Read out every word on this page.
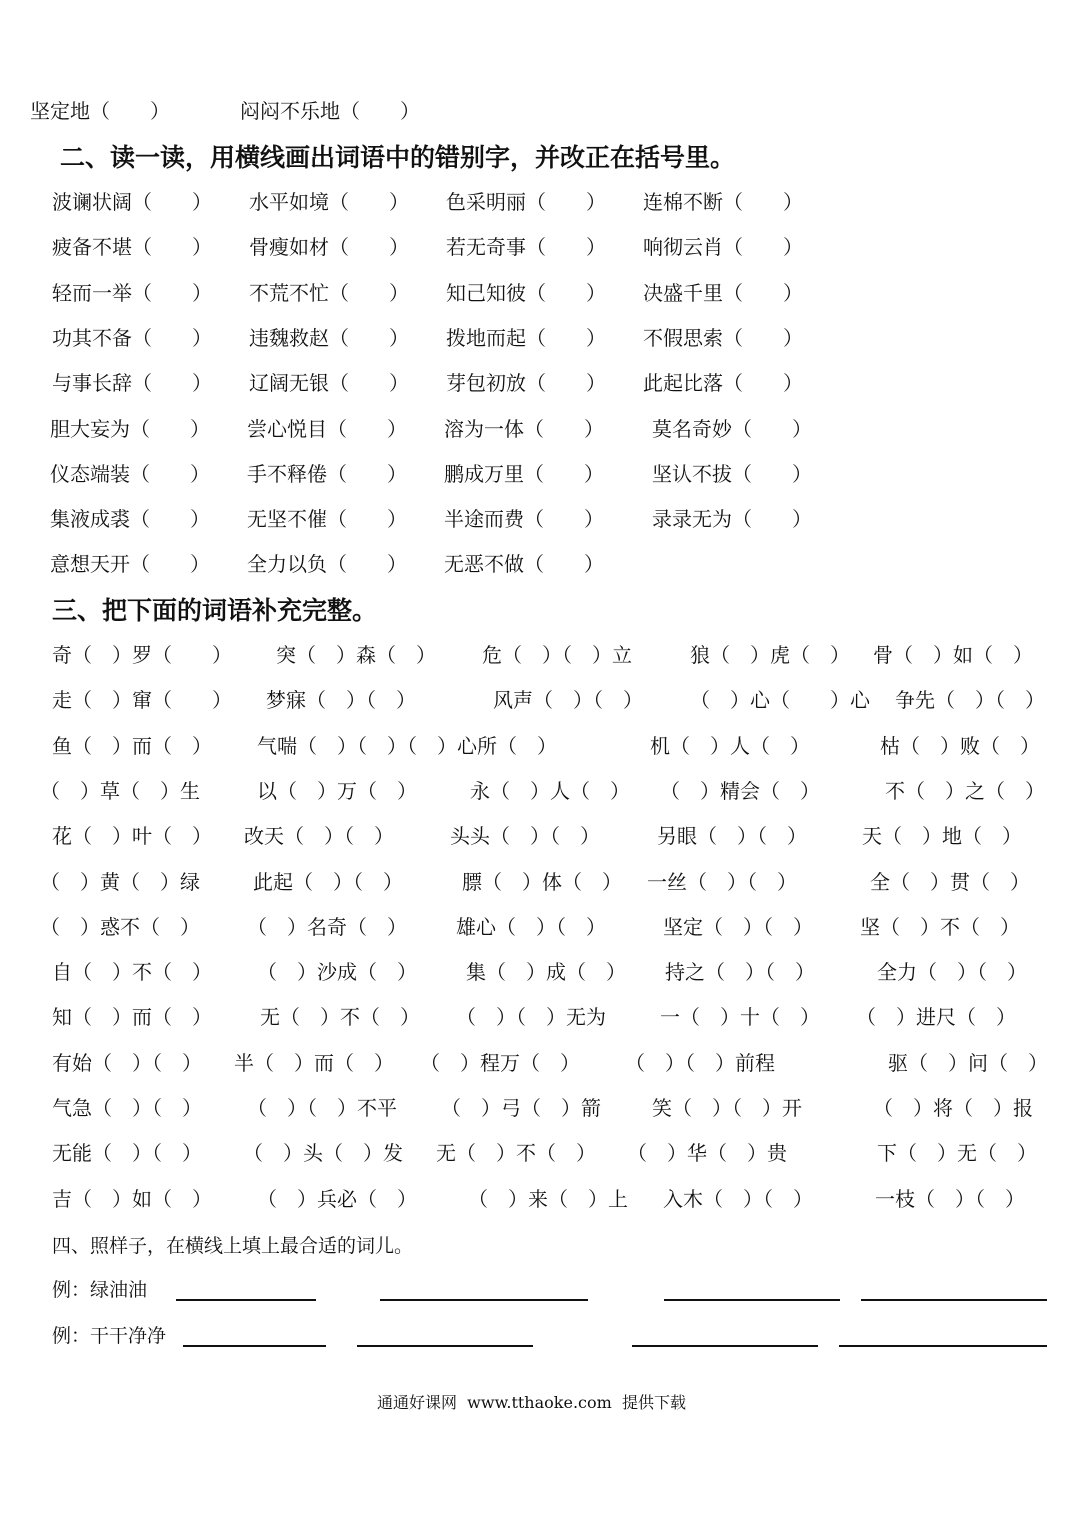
坚定地（　　）	闷闷不乐地（　　）
二、读一读，用横线画出词语中的错别字，并改正在括号里。
波谰状阔（　　） 水平如境（　　） 色采明丽（　　） 连棉不断（　　）
疲备不堪（　　） 骨瘦如材（　　） 若无奇事（　　） 响彻云肖（　　）
轻而一举（　　） 不荒不忙（　　） 知己知彼（　　） 决盛千里（　　）
功其不备（　　） 违魏救赵（　　） 拨地而起（　　） 不假思索（　　）
与事长辞（　　） 辽阔无银（　　） 芽包初放（　　） 此起比落（　　）
胆大妄为（　　） 尝心悦目（　　） 溶为一体（　　） 莫名奇妙（　　）
仪态端装（　　） 手不释倦（　　） 鹏成万里（　　） 坚认不拔（　　）
集液成裘（　　） 无坚不催（　　） 半途而费（　　） 录录无为（　　）
意想天开（　　） 全力以负（　　） 无恶不做（　　）
三、把下面的词语补充完整。
奇（　）罗（　　） 突（　）森（　） 危（　）（　）立	狼（　）虎（　） 骨（　）如（　）
走（　）窜（　　） 梦寐（　）（　）	风声（　）（　） （　）心（　　）心 争先（　）（　）
鱼（　）而（　） 气喘（　）（　）（　）心所（　）	机（　）人（　）	枯（　）败（　）
（　）草（　）生	以（　）万（　）	永（　）人（　） （　）精会（　）	不（　）之（　）
花（　）叶（　） 改天（　）（　）	头头（　）（　）	另眼（　）（　）	天（　）地（　）
（　）黄（　）绿	此起（　）（　）	膘（　）体（　） 一丝（　）（　）	全（　）贯（　）
（　）惑不（　） （　）名奇（　） 雄心（　）（　）	坚定（　）（　） 坚（　）不（　）
自（　）不（　） （　）沙成（　） 集（　）成（　） 持之（　）（　）	全力（　）（　）
知（　）而（　） 无（　）不（　） （　）（　）无为	一（　）十（　） （　）进尺（　）
有始（　）（　） 半（　）而（　） （　）程万（　） （　）（　）前程	驱（　）问（　）
气急（　）（　） （　）（　）不平 （　）弓（　）箭	笑（　）（　）开	（　）将（　）报
无能（　）（　） （　）头（　）发 无（　）不（　） （　）华（　）贵	下（　）无（　）
吉（　）如（　） （　）兵必（　）	（　）来（　）上 入木（　）（　）	一枝（　）（　）
四、照样子，在横线上填上最合适的词儿。
例：绿油油
例：干干净净
通通好课网  www.tthaoke.com  提供下载
